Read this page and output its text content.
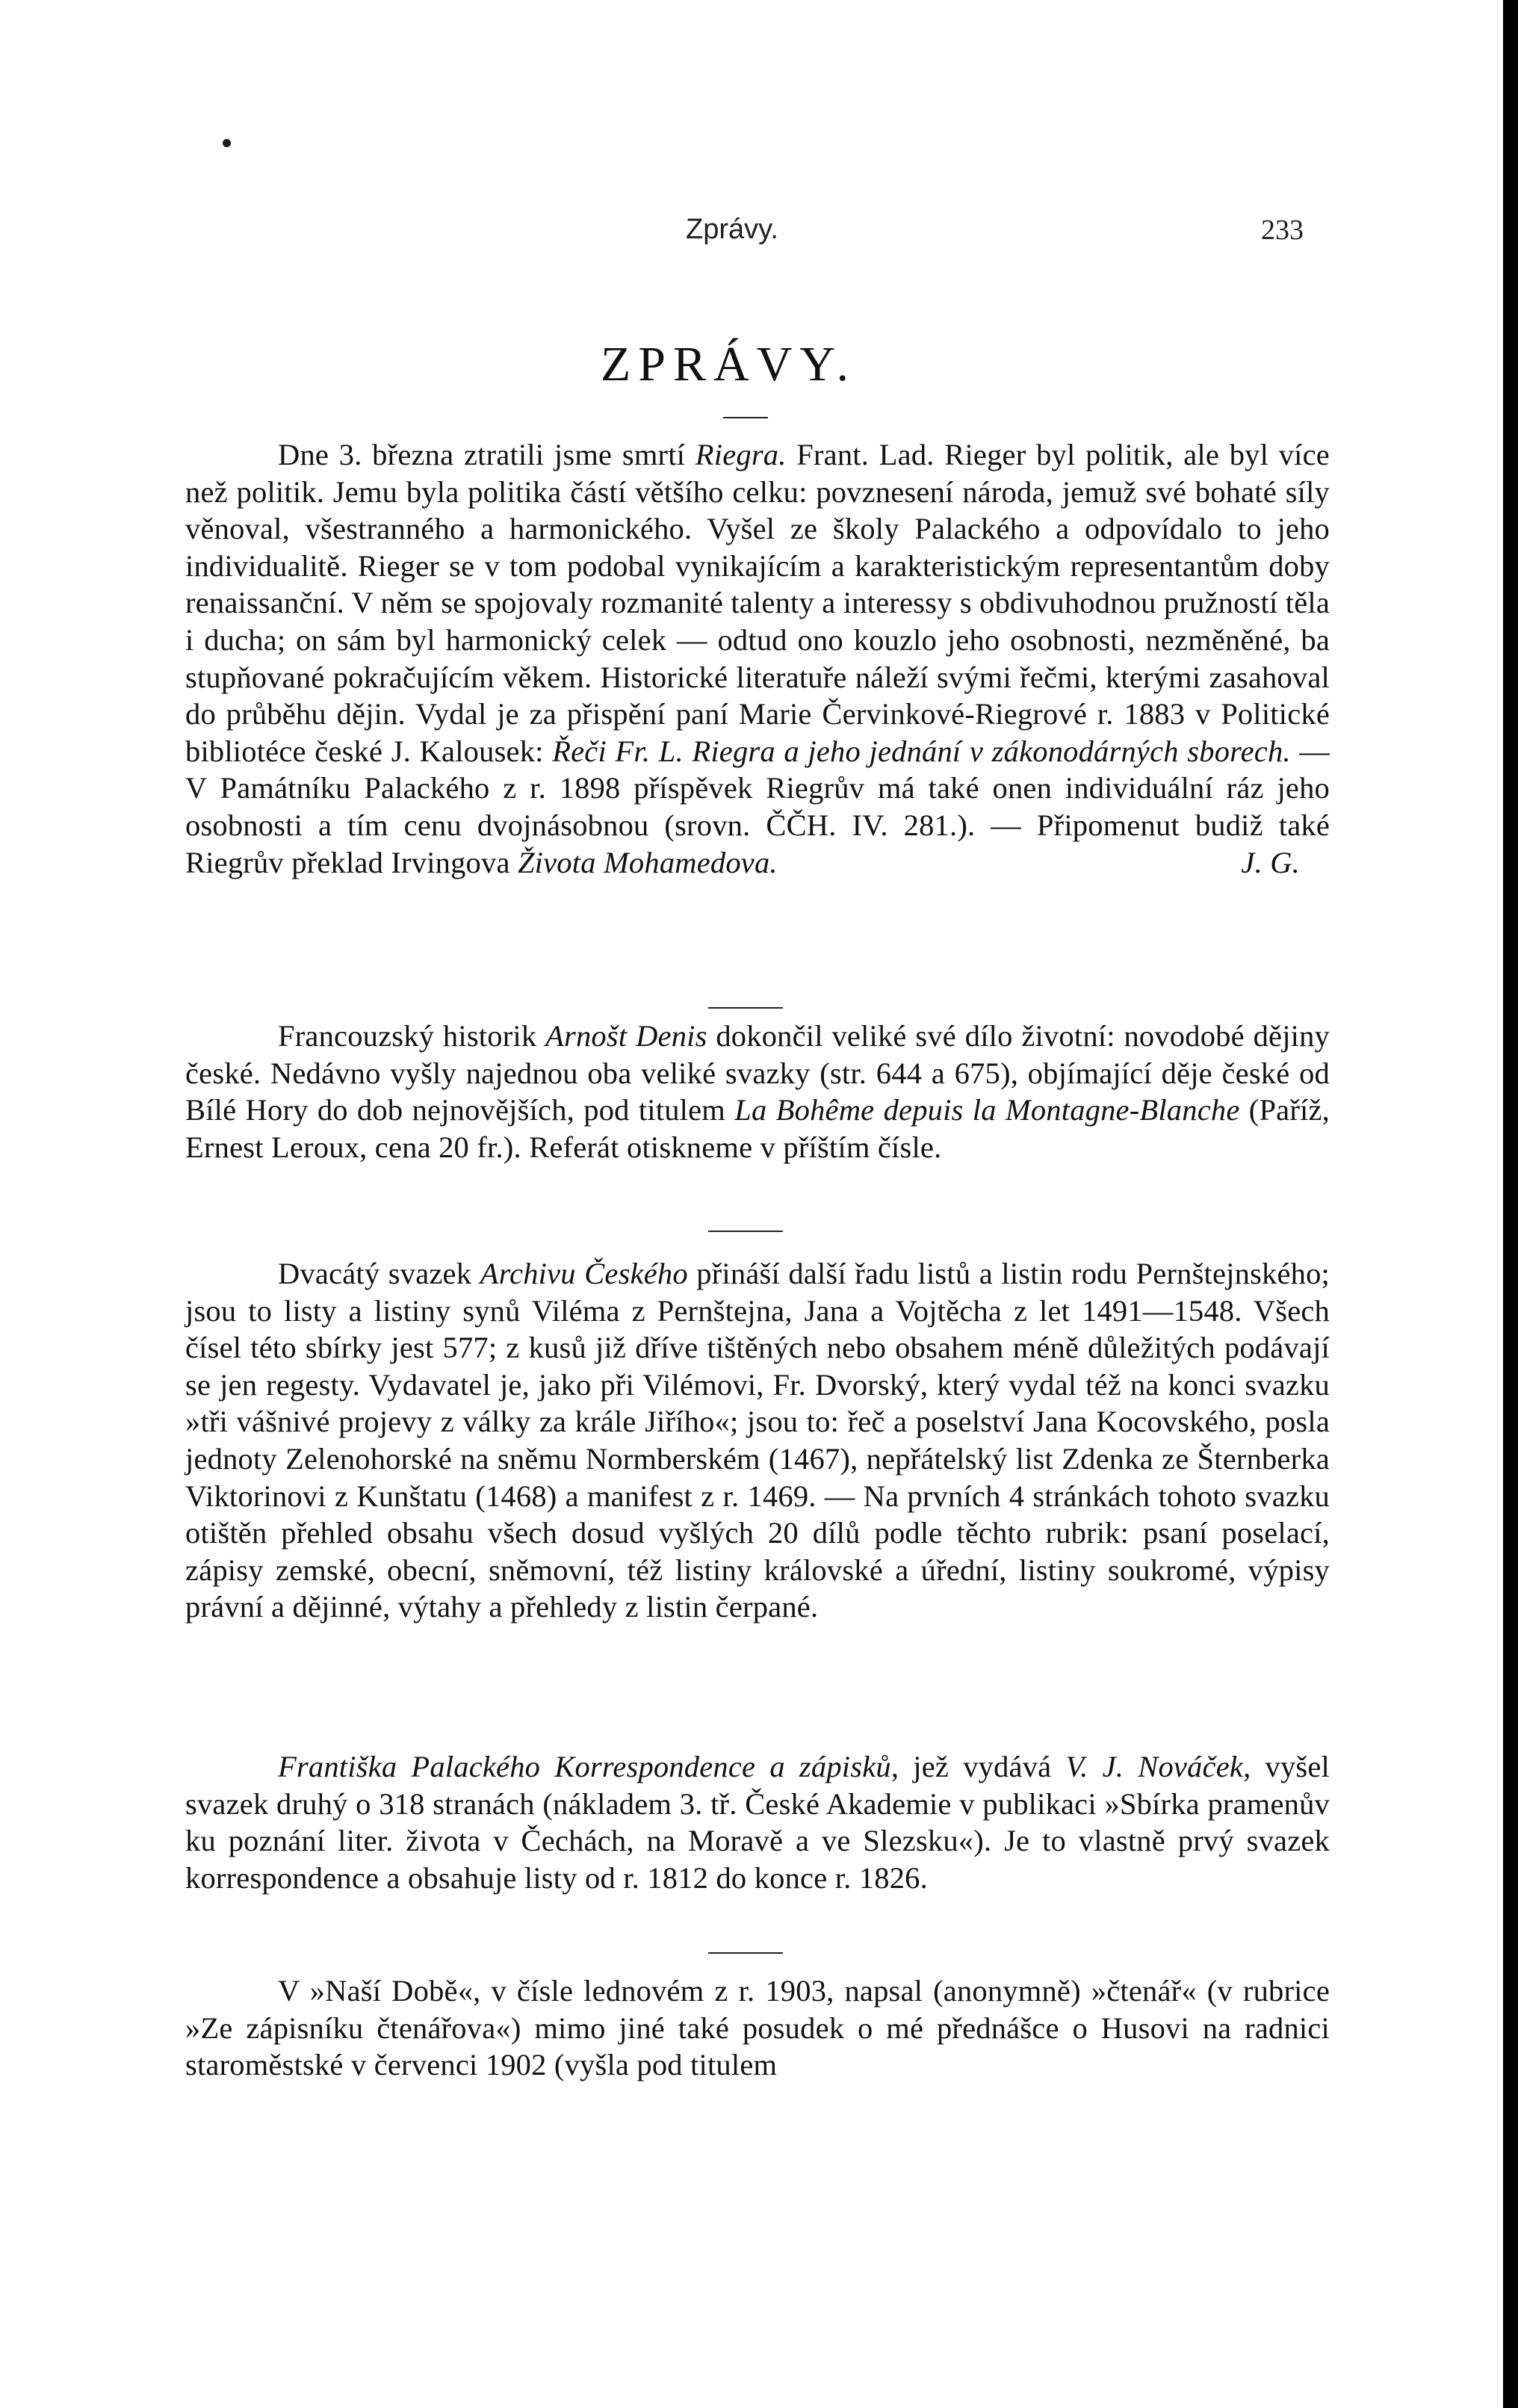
Zprávy.	233
ZPRÁVY.

Dne 3. března ztratili jsme smrtí Riegra. Frant. Lad. Rieger byl politik, ale byl více než politik. Jemu byla politika částí většího celku: povznesení národa, jemuž své bohaté síly věnoval, všestranného a harmonického. Vyšel ze školy Palackého a odpovídalo to jeho individualitě. Rieger se v tom podobal vynikajícím a karakteristickým representantům doby renaissanční. V něm se spojovaly rozmanité talenty a interessy s obdivuhodnou pružností těla i ducha; on sám byl harmonický celek — odtud ono kouzlo jeho osobnosti, nezměněné, ba stupňované pokračujícím věkem. Historické literatuře náleží svými řečmi, kterými zasahoval do průběhu dějin. Vydal je za přispění paní Marie Červinkové-Riegrové r. 1883 v Politické bibliotéce české J. Kalousek: Řeči Fr. L. Riegra a jeho jednání v zákonodárných sborech. — V Památníku Palackého z r. 1898 příspěvek Riegrův má také onen individuální ráz jeho osobnosti a tím cenu dvojnásobnou (srovn. ČČH. IV. 281.). — Připomenut budiž také Riegrův překlad Irvingova Života Mohamedova.	J. G.

Francouzský historik Arnošt Denis dokončil veliké své dílo životní: novodobé dějiny české. Nedávno vyšly najednou oba veliké svazky (str. 644 a 675), objímající děje české od Bílé Hory do dob nejnovějších, pod titulem La Bohême depuis la Montagne-Blanche (Paříž, Ernest Leroux, cena 20 fr.). Referát otiskneme v příštím čísle.

Dvacátý svazek Archivu Českého přináší další řadu listů a listin rodu Pernštejnského; jsou to listy a listiny synů Viléma z Pernštejna, Jana a Vojtěcha z let 1491—1548. Všech čísel této sbírky jest 577; z kusů již dříve tištěných nebo obsahem méně důležitých podávají se jen regesty. Vydavatel je, jako při Vilémovi, Fr. Dvorský, který vydal též na konci svazku »tři vášnivé projevy z války za krále Jiřího«; jsou to: řeč a poselství Jana Kocovského, posla jednoty Zelenohorské na sněmu Normberském (1467), nepřátelský list Zdenka ze Šternberka Viktorinovi z Kunštatu (1468) a manifest z r. 1469. — Na prvních 4 stránkách tohoto svazku otištěn přehled obsahu všech dosud vyšlých 20 dílů podle těchto rubrik: psaní poselací, zápisy zemské, obecní, sněmovní, též listiny královské a úřední, listiny soukromé, výpisy právní a dějinné, výtahy a přehledy z listin čerpané.

Františka Palackého Korrespondence a zápisků, jež vydává V. J. Nováček, vyšel svazek druhý o 318 stranách (nákladem 3. tř. České Akademie v publikaci »Sbírka pramenův ku poznání liter. života v Čechách, na Moravě a ve Slezsku«). Je to vlastně prvý svazek korrespondence a obsahuje listy od r. 1812 do konce r. 1826.

V »Naší Době«, v čísle lednovém z r. 1903, napsal (anonymně) »čtenář« (v rubrice »Ze zápisníku čtenářova«) mimo jiné také posudek o mé přednášce o Husovi na radnici staroměstské v červenci 1902 (vyšla pod titulem
